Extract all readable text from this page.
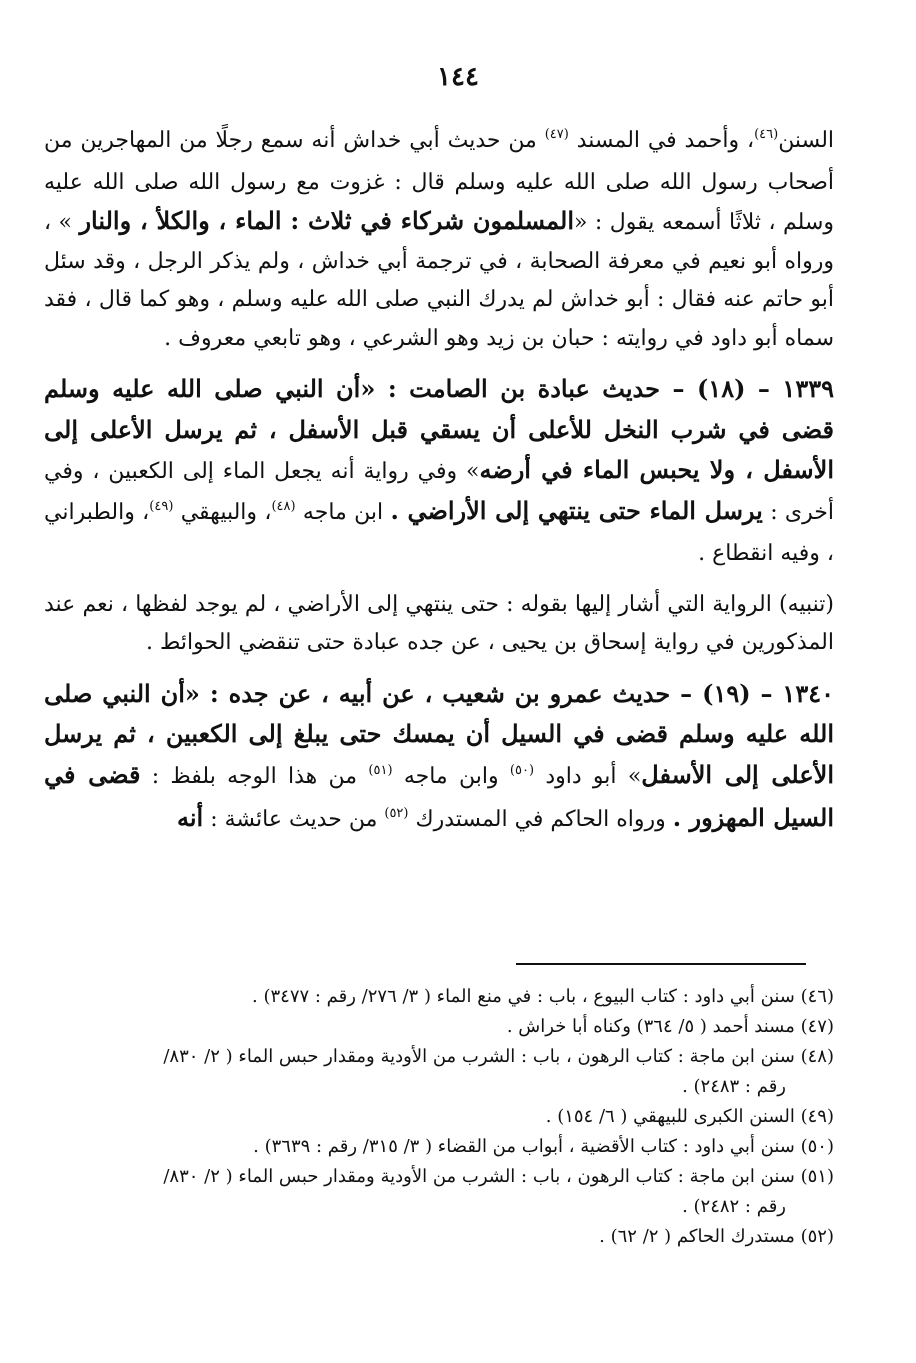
١٤٤

السنن$^{(٤٦)}$، وأحمد في المسند $^{(٤٧)}$ من حديث أبي خداش أنه سمع رجلًا من المهاجرين من أصحاب رسول الله صلى الله عليه وسلم قال : غزوت مع رسول الله صلى الله عليه وسلم ، ثلاثًا أسمعه يقول : «المسلمون شركاء في ثلاث : الماء ، والكلأ ، والنار » ، ورواه أبو نعيم في معرفة الصحابة ، في ترجمة أبي خداش ، ولم يذكر الرجل ، وقد سئل أبو حاتم عنه فقال : أبو خداش لم يدرك النبي صلى الله عليه وسلم ، وهو كما قال ، فقد سماه أبو داود في روايته : حبان بن زيد وهو الشرعي ، وهو تابعي معروف .

١٣٣٩ – (١٨) – حديث عبادة بن الصامت : «أن النبي صلى الله عليه وسلم قضى في شرب النخل للأعلى أن يسقي قبل الأسفل ، ثم يرسل الأعلى إلى الأسفل ، ولا يحبس الماء في أرضه» وفي رواية أنه يجعل الماء إلى الكعبين ، وفي أخرى : يرسل الماء حتى ينتهي إلى الأراضي . ابن ماجه $^{(٤٨)}$، والبيهقي $^{(٤٩)}$، والطبراني ، وفيه انقطاع .

(تنبيه) الرواية التي أشار إليها بقوله : حتى ينتهي إلى الأراضي ، لم يوجد لفظها ، نعم عند المذكورين في رواية إسحاق بن يحيى ، عن جده عبادة حتى تنقضي الحوائط .

١٣٤٠ – (١٩) – حديث عمرو بن شعيب ، عن أبيه ، عن جده : «أن النبي صلى الله عليه وسلم قضى في السيل أن يمسك حتى يبلغ إلى الكعبين ، ثم يرسل الأعلى إلى الأسفل» أبو داود $^{(٥٠)}$ وابن ماجه $^{(٥١)}$ من هذا الوجه بلفظ : قضى في السيل المهزور . ورواه الحاكم في المستدرك $^{(٥٢)}$ من حديث عائشة : أنه

(٤٦) سنن أبي داود : كتاب البيوع ، باب : في منع الماء ( ٣/ ٢٧٦/ رقم : ٣٤٧٧) .
(٤٧) مسند أحمد ( ٥/ ٣٦٤) وكناه أبا خراش .
(٤٨) سنن ابن ماجة : كتاب الرهون ، باب : الشرب من الأودية ومقدار حبس الماء ( ٢/ ٨٣٠/
رقم : ٢٤٨٣) .
(٤٩) السنن الكبرى للبيهقي ( ٦/ ١٥٤) .
(٥٠) سنن أبي داود : كتاب الأقضية ، أبواب من القضاء ( ٣/ ٣١٥/ رقم : ٣٦٣٩) .
(٥١) سنن ابن ماجة : كتاب الرهون ، باب : الشرب من الأودية ومقدار حبس الماء ( ٢/ ٨٣٠/
رقم : ٢٤٨٢) .
(٥٢) مستدرك الحاكم ( ٢/ ٦٢) .
